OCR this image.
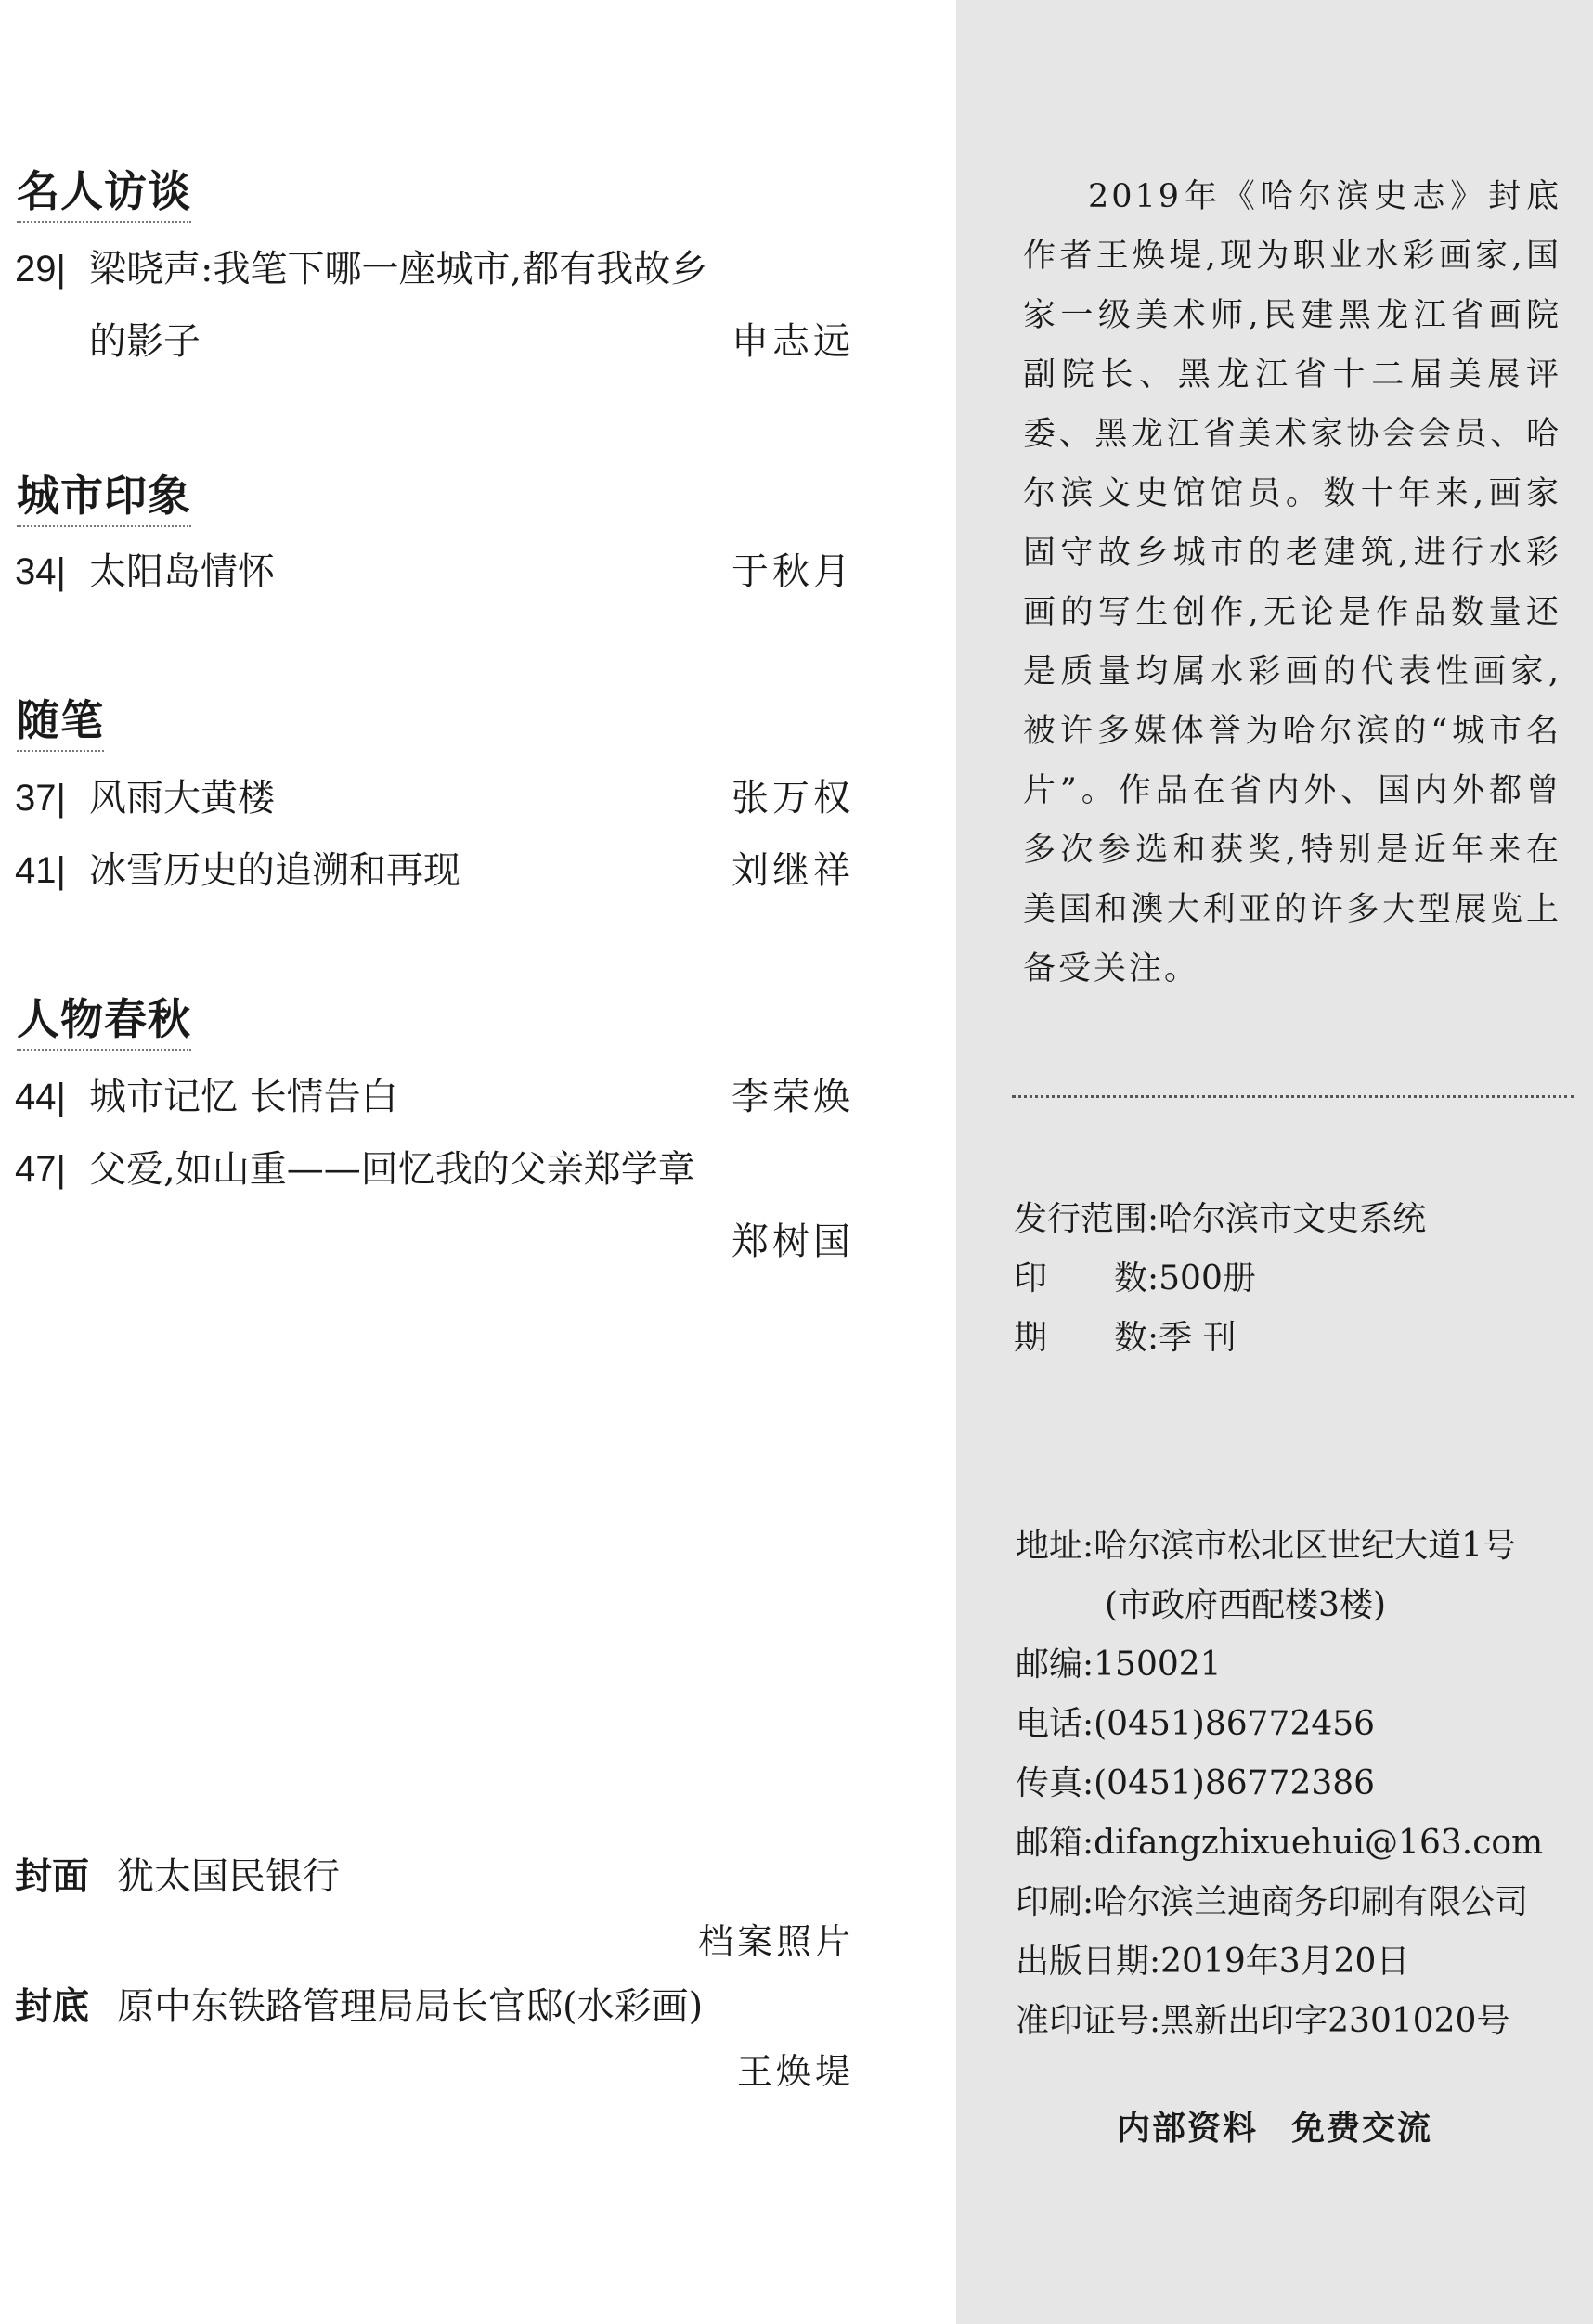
名人访谈
29| 梁晓声:我笔下哪一座城市,都有我故乡
的影子	申志远
城市印象
34| 太阳岛情怀	于秋月
随笔
37| 风雨大黄楼	张万权
41| 冰雪历史的追溯和再现	刘继祥
人物春秋
44| 城市记忆 长情告白	李荣焕
47| 父爱,如山重——回忆我的父亲郑学章
郑树国
封面 犹太国民银行
档案照片
封底 原中东铁路管理局局长官邸(水彩画)
王焕堤

2019年《哈尔滨史志》封底作者王焕堤,现为职业水彩画家,国家一级美术师,民建黑龙江省画院副院长、黑龙江省十二届美展评委、黑龙江省美术家协会会员、哈尔滨文史馆馆员。数十年来,画家固守故乡城市的老建筑,进行水彩画的写生创作,无论是作品数量还是质量均属水彩画的代表性画家,被许多媒体誉为哈尔滨的“城市名片”。作品在省内外、国内外都曾多次参选和获奖,特别是近年来在美国和澳大利亚的许多大型展览上备受关注。

发行范围:哈尔滨市文史系统
印　　数:500册
期　　数:季 刊
地址:哈尔滨市松北区世纪大道1号
(市政府西配楼3楼)
邮编:150021
电话:(0451)86772456
传真:(0451)86772386
邮箱:difangzhixuehui@163.com
印刷:哈尔滨兰迪商务印刷有限公司
出版日期:2019年3月20日
准印证号:黑新出印字2301020号
内部资料 免费交流
